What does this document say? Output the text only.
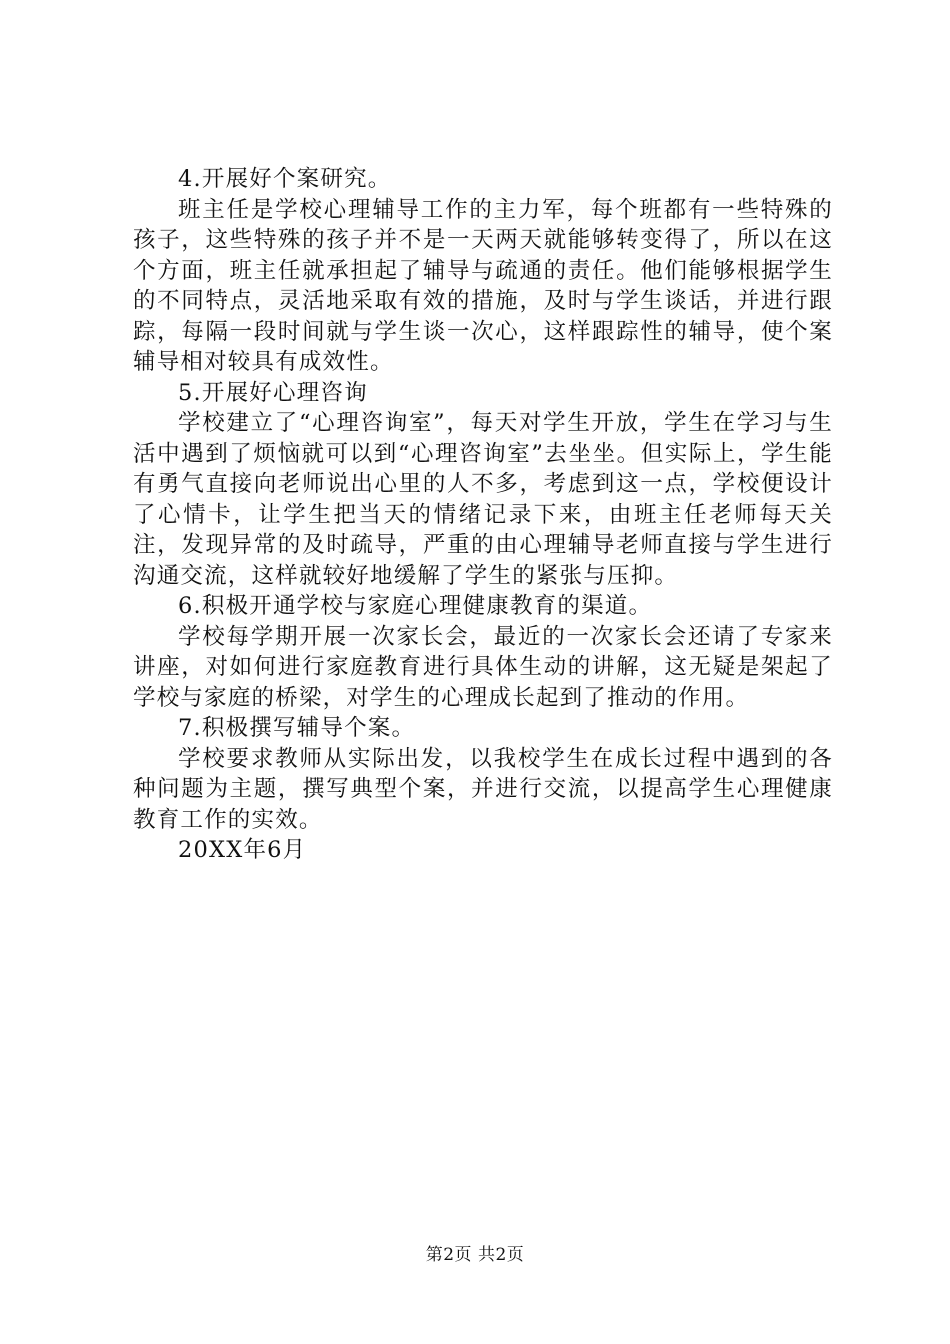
4.开展好个案研究。

班主任是学校心理辅导工作的主力军，每个班都有一些特殊的孩子，这些特殊的孩子并不是一天两天就能够转变得了，所以在这个方面，班主任就承担起了辅导与疏通的责任。他们能够根据学生的不同特点，灵活地采取有效的措施，及时与学生谈话，并进行跟踪，每隔一段时间就与学生谈一次心，这样跟踪性的辅导，使个案辅导相对较具有成效性。

5.开展好心理咨询

学校建立了“心理咨询室”，每天对学生开放，学生在学习与生活中遇到了烦恼就可以到“心理咨询室”去坐坐。但实际上，学生能有勇气直接向老师说出心里的人不多，考虑到这一点，学校便设计了心情卡，让学生把当天的情绪记录下来，由班主任老师每天关注，发现异常的及时疏导，严重的由心理辅导老师直接与学生进行沟通交流，这样就较好地缓解了学生的紧张与压抑。

6.积极开通学校与家庭心理健康教育的渠道。

学校每学期开展一次家长会，最近的一次家长会还请了专家来讲座，对如何进行家庭教育进行具体生动的讲解，这无疑是架起了学校与家庭的桥梁，对学生的心理成长起到了推动的作用。

7.积极撰写辅导个案。

学校要求教师从实际出发，以我校学生在成长过程中遇到的各种问题为主题，撰写典型个案，并进行交流，以提高学生心理健康教育工作的实效。

20XX年6月

第2页 共2页
